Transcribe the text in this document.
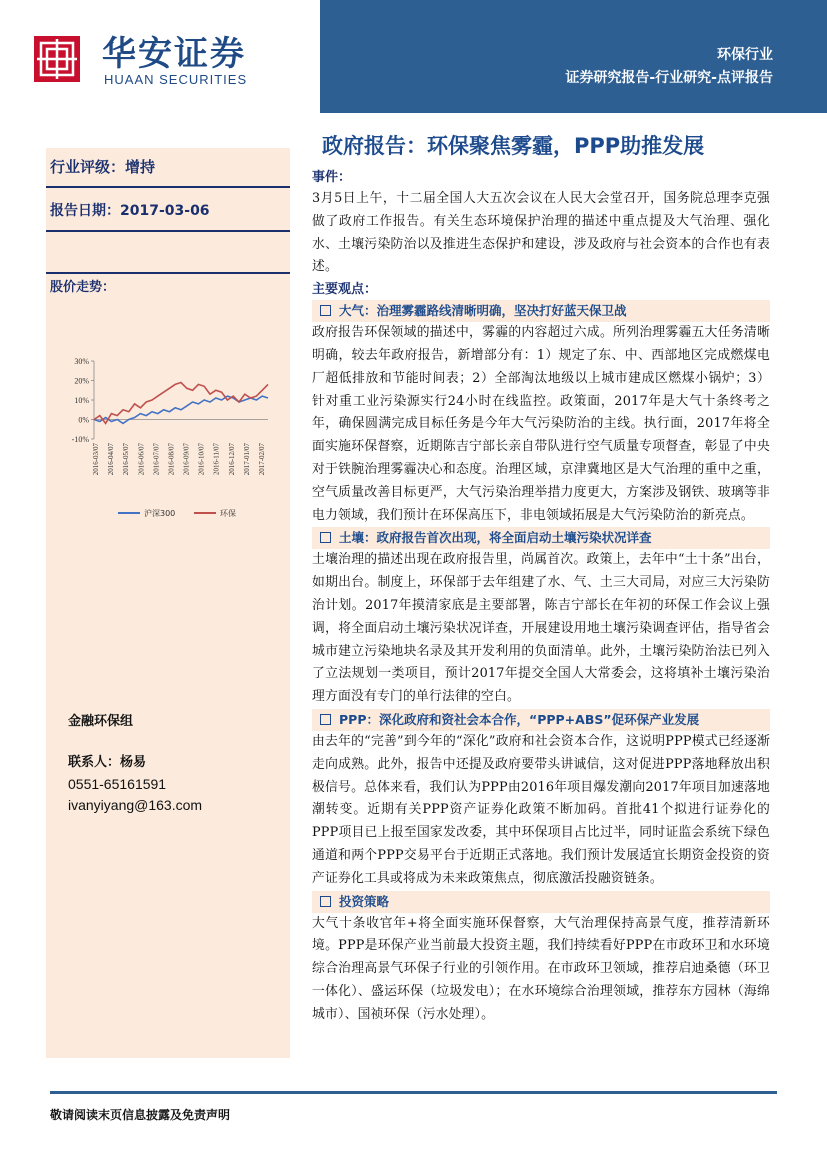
华安证券
HUAAN SECURITIES
环保行业
证券研究报告-行业研究-点评报告
行业评级：增持
报告日期：2017-03-06
股价走势：
30%
20%
10%
0%
-10%
2016-03/07 2016-04/07 2016-05/07 2016-06/07 2016-07/07 2016-08/07 2016-09/07 2016-10/07 2016-11/07 2016-12/07 2017-01/07 2017-02/07
沪深300	环保
金融环保组
联系人：杨易
0551-65161591
ivanyiyang@163.com
政府报告：环保聚焦雾霾，PPP助推发展
事件：

3月5日上午，十二届全国人大五次会议在人民大会堂召开，国务院总理李克强做了政府工作报告。有关生态环境保护治理的描述中重点提及大气治理、强化水、土壤污染防治以及推进生态保护和建设，涉及政府与社会资本的合作也有表述。

主要观点：
大气：治理雾霾路线清晰明确，坚决打好蓝天保卫战

政府报告环保领域的描述中，雾霾的内容超过六成。所列治理雾霾五大任务清晰明确，较去年政府报告，新增部分有：1）规定了东、中、西部地区完成燃煤电厂超低排放和节能时间表；2）全部淘汰地级以上城市建成区燃煤小锅炉；3）针对重工业污染源实行24小时在线监控。政策面，2017年是大气十条终考之年，确保圆满完成目标任务是今年大气污染防治的主线。执行面，2017年将全面实施环保督察，近期陈吉宁部长亲自带队进行空气质量专项督查，彰显了中央对于铁腕治理雾霾决心和态度。治理区域，京津冀地区是大气治理的重中之重，空气质量改善目标更严，大气污染治理举措力度更大，方案涉及钢铁、玻璃等非电力领域，我们预计在环保高压下，非电领域拓展是大气污染防治的新亮点。

土壤：政府报告首次出现，将全面启动土壤污染状况详查

土壤治理的描述出现在政府报告里，尚属首次。政策上，去年中“土十条”出台，如期出台。制度上，环保部于去年组建了水、气、土三大司局，对应三大污染防治计划。2017年摸清家底是主要部署，陈吉宁部长在年初的环保工作会议上强调，将全面启动土壤污染状况详查，开展建设用地土壤污染调查评估，指导省会城市建立污染地块名录及其开发利用的负面清单。此外，土壤污染防治法已列入了立法规划一类项目，预计2017年提交全国人大常委会，这将填补土壤污染治理方面没有专门的单行法律的空白。

PPP：深化政府和资社会本合作，“PPP+ABS”促环保产业发展

由去年的“完善”到今年的“深化”政府和社会资本合作，这说明PPP模式已经逐渐走向成熟。此外，报告中还提及政府要带头讲诚信，这对促进PPP落地释放出积极信号。总体来看，我们认为PPP由2016年项目爆发潮向2017年项目加速落地潮转变。近期有关PPP资产证券化政策不断加码。首批41个拟进行证券化的PPP项目已上报至国家发改委，其中环保项目占比过半，同时证监会系统下绿色通道和两个PPP交易平台于近期正式落地。我们预计发展适宜长期资金投资的资产证券化工具或将成为未来政策焦点，彻底激活投融资链条。

投资策略

大气十条收官年+将全面实施环保督察，大气治理保持高景气度，推荐清新环境。PPP是环保产业当前最大投资主题，我们持续看好PPP在市政环卫和水环境综合治理高景气环保子行业的引领作用。在市政环卫领域，推荐启迪桑德（环卫一体化）、盛运环保（垃圾发电）；在水环境综合治理领域，推荐东方园林（海绵城市）、国祯环保（污水处理）。

敬请阅读末页信息披露及免责声明
